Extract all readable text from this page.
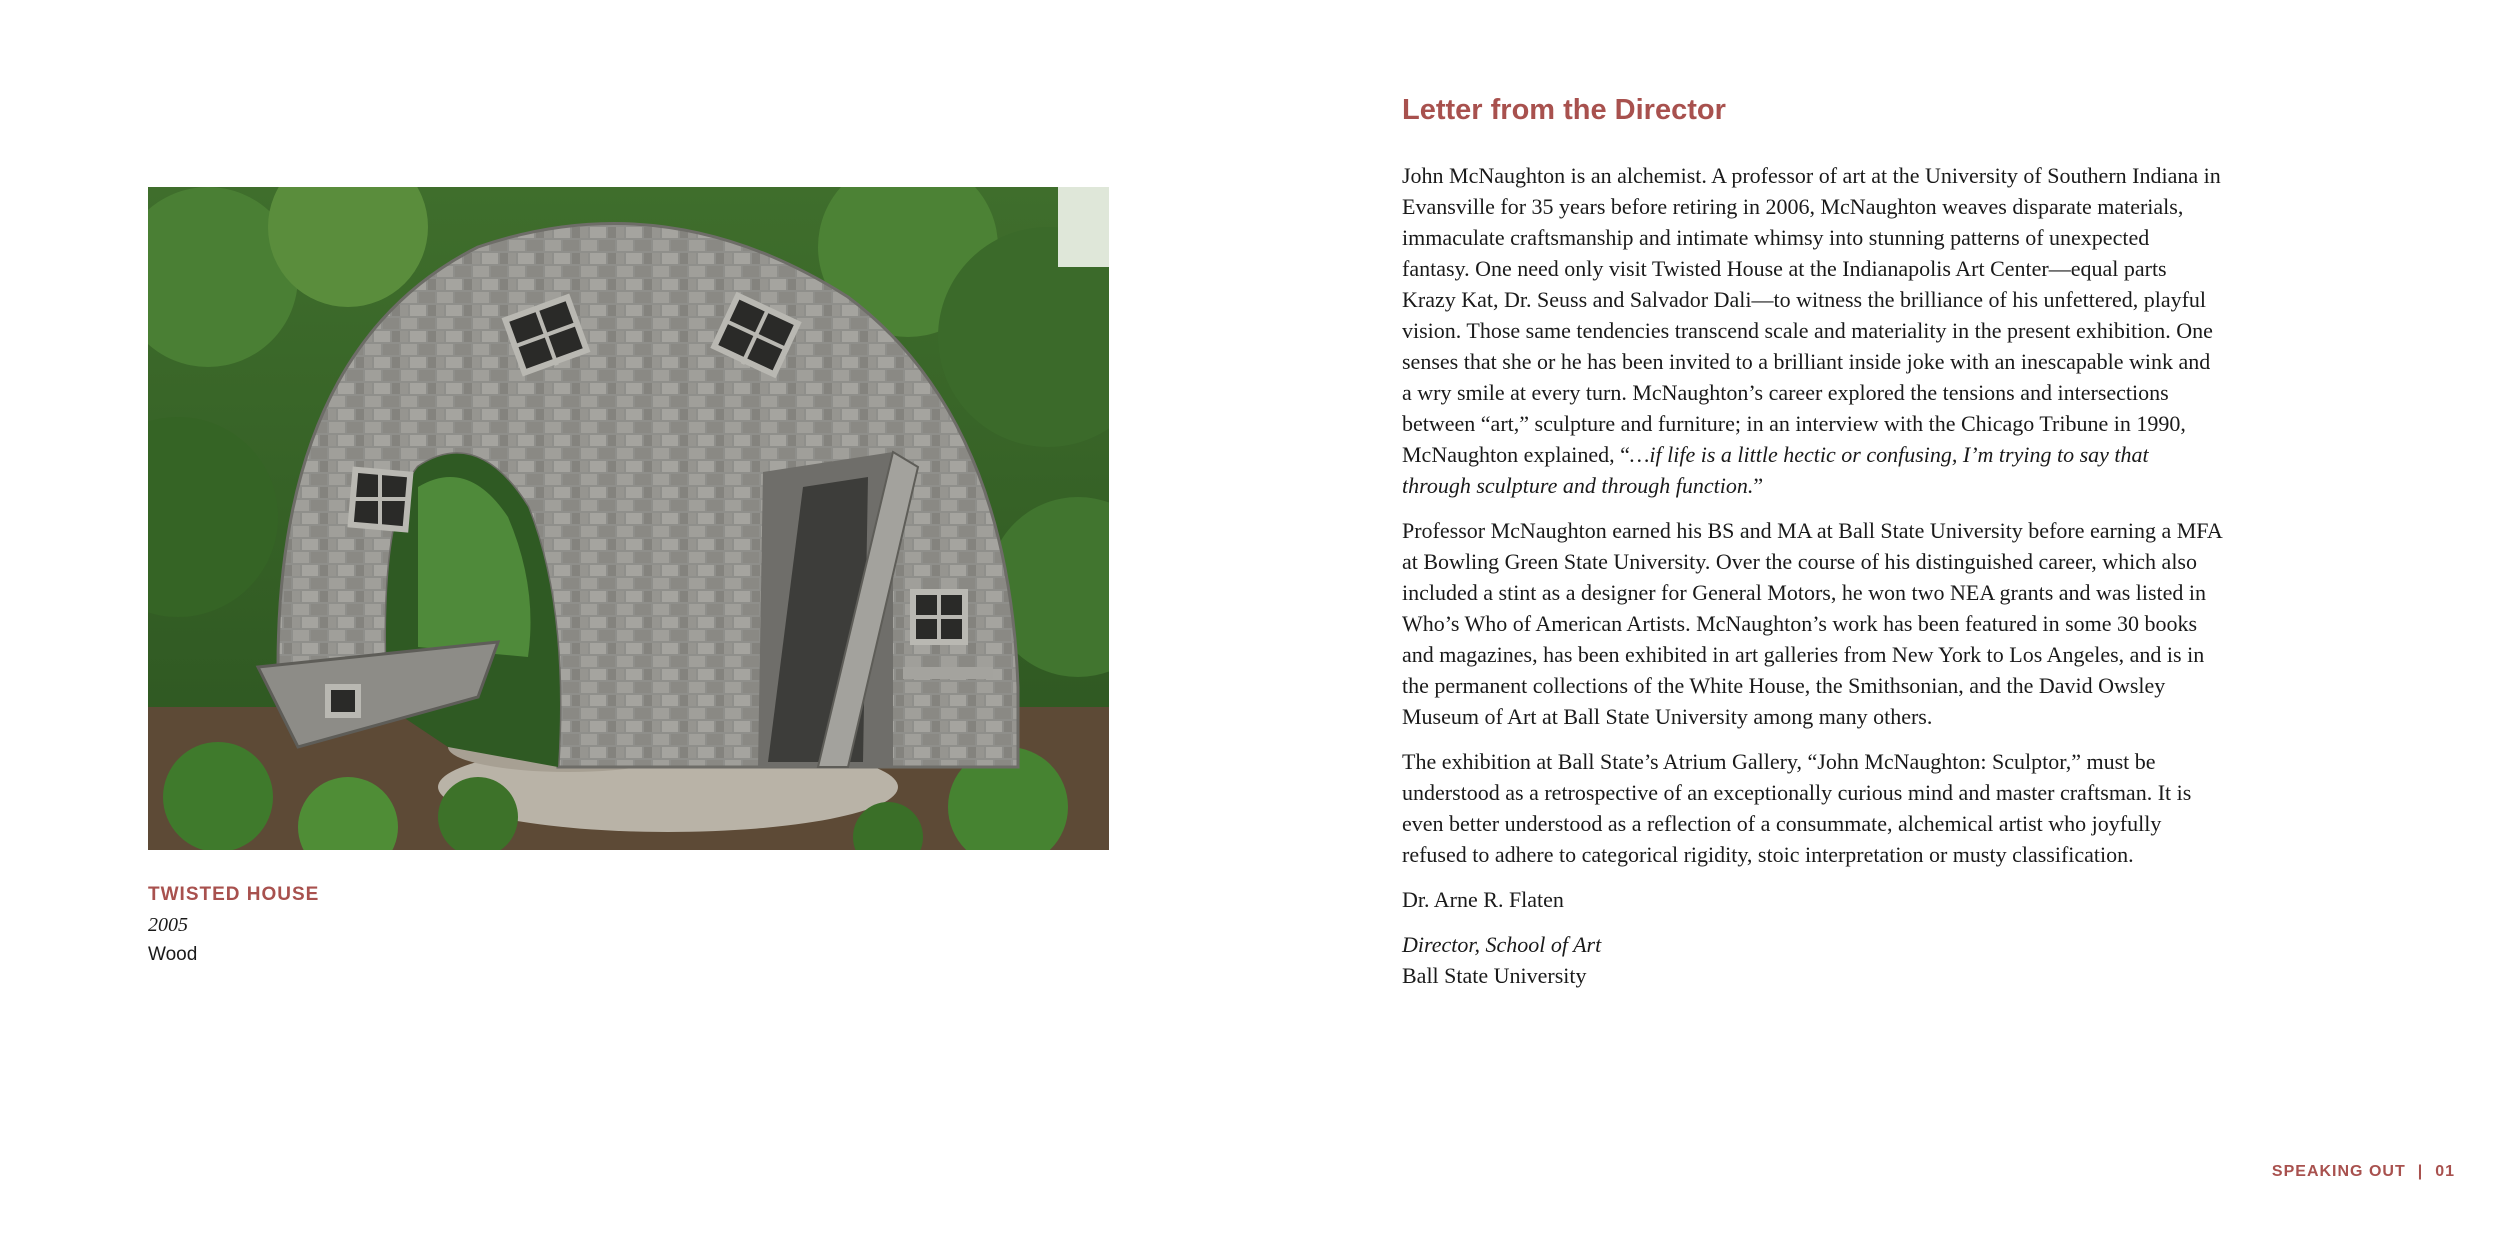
TWISTED HOUSE
2005
Wood
Letter from the Director

John McNaughton is an alchemist. A professor of art at the University of Southern Indiana in Evansville for 35 years before retiring in 2006, McNaughton weaves disparate materials, immaculate craftsmanship and intimate whimsy into stunning patterns of unexpected fantasy. One need only visit Twisted House at the Indianapolis Art Center—equal parts Krazy Kat, Dr. Seuss and Salvador Dali—to witness the brilliance of his unfettered, playful vision. Those same tendencies transcend scale and materiality in the present exhibition. One senses that she or he has been invited to a brilliant inside joke with an inescapable wink and a wry smile at every turn. McNaughton’s career explored the tensions and intersections between “art,” sculpture and furniture; in an interview with the Chicago Tribune in 1990, McNaughton explained, “…if life is a little hectic or confusing, I’m trying to say that through sculpture and through function.”

Professor McNaughton earned his BS and MA at Ball State University before earning a MFA at Bowling Green State University. Over the course of his distinguished career, which also included a stint as a designer for General Motors, he won two NEA grants and was listed in Who’s Who of American Artists. McNaughton’s work has been featured in some 30 books and magazines, has been exhibited in art galleries from New York to Los Angeles, and is in the permanent collections of the White House, the Smithsonian, and the David Owsley Museum of Art at Ball State University among many others.

The exhibition at Ball State’s Atrium Gallery, “John McNaughton: Sculptor,” must be understood as a retrospective of an exceptionally curious mind and master craftsman. It is even better understood as a reflection of a consummate, alchemical artist who joyfully refused to adhere to categorical rigidity, stoic interpretation or musty classification.

Dr. Arne R. Flaten
Director, School of Art
Ball State University
SPEAKING OUT | 01
